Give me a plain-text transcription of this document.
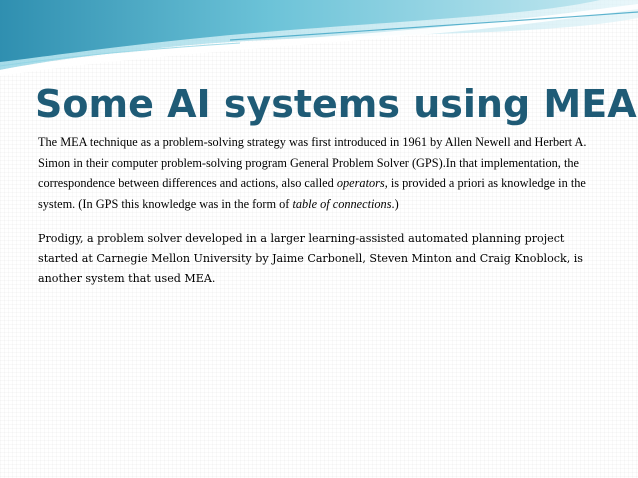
Some AI systems using MEA

The MEA technique as a problem-solving strategy was first introduced in 1961 by Allen Newell and Herbert A. Simon in their computer problem-solving program General Problem Solver (GPS).In that implementation, the correspondence between differences and actions, also called operators, is provided a priori as knowledge in the system. (In GPS this knowledge was in the form of table of connections.)

Prodigy, a problem solver developed in a larger learning-assisted automated planning project started at Carnegie Mellon University by Jaime Carbonell, Steven Minton and Craig Knoblock, is another system that used MEA.
